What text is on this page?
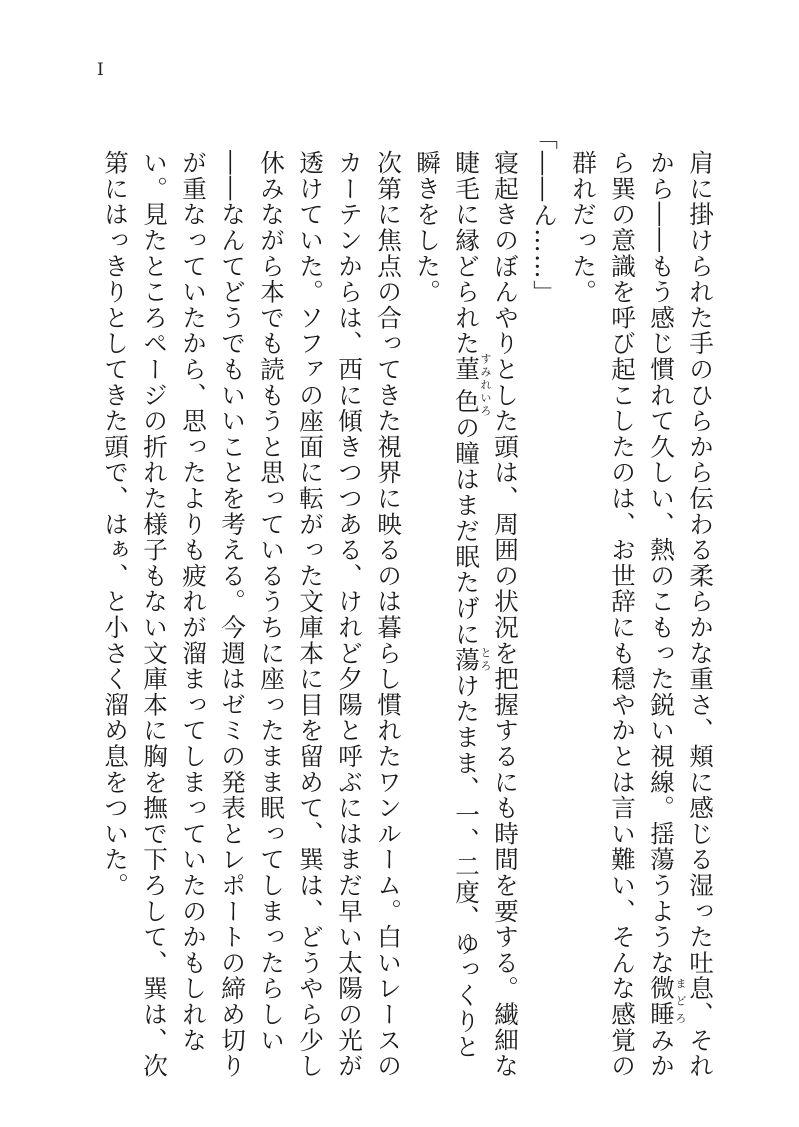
I

肩に掛けられた手のひらから伝わる柔らかな重さ、頬に感じる湿った吐息、それから――もう感じ慣れて久しい、熱のこもった鋭い視線。揺蕩うような微睡まどろみから巽の意識を呼び起こしたのは、お世辞にも穏やかとは言い難い、そんな感覚の群れだった。

「――ん……」

寝起きのぼんやりとした頭は、周囲の状況を把握するにも時間を要する。繊細な睫毛に縁どられた菫色すみれいろの瞳はまだ眠たげに蕩とろけたまま、一、二度、ゆっくりと瞬きをした。

次第に焦点の合ってきた視界に映るのは暮らし慣れたワンルーム。白いレースのカーテンからは、西に傾きつつある、けれど夕陽と呼ぶにはまだ早い太陽の光が透けていた。ソファの座面に転がった文庫本に目を留めて、巽は、どうやら少し休みながら本でも読もうと思っているうちに座ったまま眠ってしまったらしい――なんてどうでもいいことを考える。今週はゼミの発表とレポートの締め切りが重なっていたから、思ったよりも疲れが溜まってしまっていたのかもしれない。見たところページの折れた様子もない文庫本に胸を撫で下ろして、巽は、次第にはっきりとしてきた頭で、はぁ、と小さく溜め息をついた。
